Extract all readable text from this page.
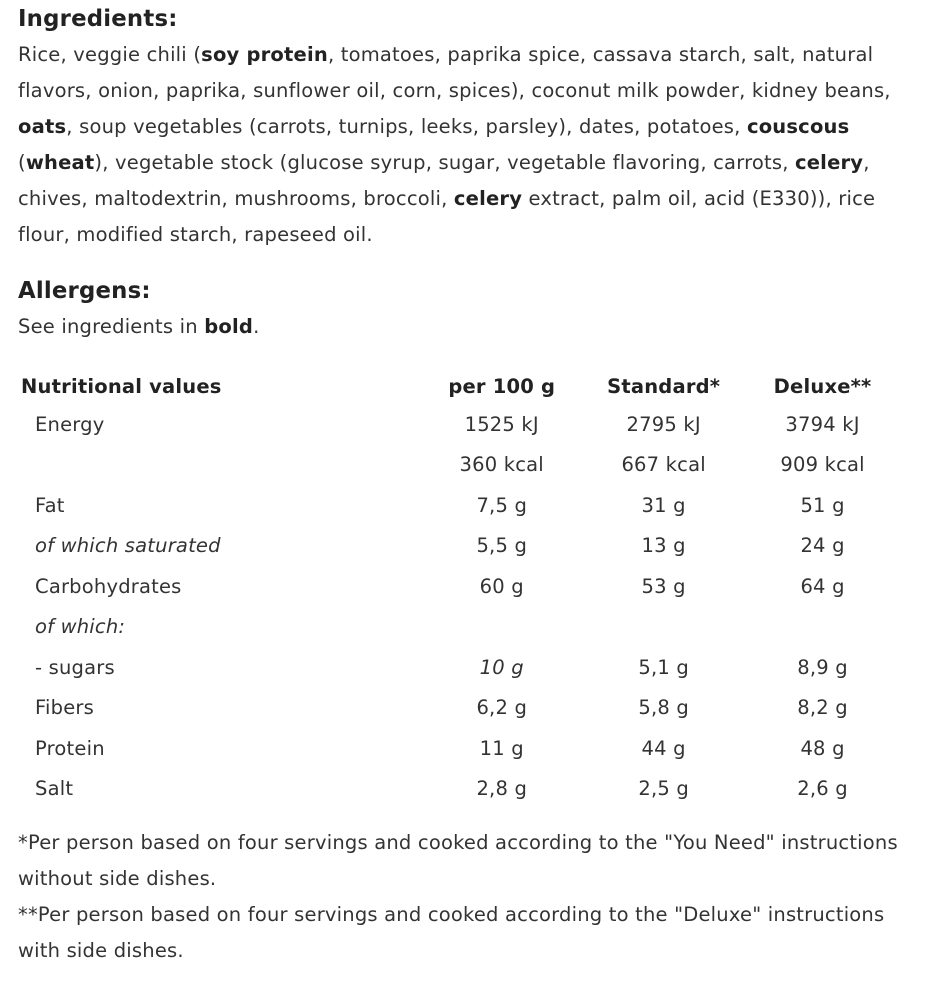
Ingredients:

Rice, veggie chili (soy protein, tomatoes, paprika spice, cassava starch, salt, natural flavors, onion, paprika, sunflower oil, corn, spices), coconut milk powder, kidney beans, oats, soup vegetables (carrots, turnips, leeks, parsley), dates, potatoes, couscous (wheat), vegetable stock (glucose syrup, sugar, vegetable flavoring, carrots, celery, chives, maltodextrin, mushrooms, broccoli, celery extract, palm oil, acid (E330)), rice flour, modified starch, rapeseed oil.

Allergens:

See ingredients in bold.

Nutritional values	per 100 g	Standard*	Deluxe**
Energy	1525 kJ	2795 kJ	3794 kJ
	360 kcal	667 kcal	909 kcal
Fat	7,5 g	31 g	51 g
of which saturated	5,5 g	13 g	24 g
Carbohydrates	60 g	53 g	64 g
of which:			
- sugars	10 g	5,1 g	8,9 g
Fibers	6,2 g	5,8 g	8,2 g
Protein	11 g	44 g	48 g
Salt	2,8 g	2,5 g	2,6 g

*Per person based on four servings and cooked according to the "You Need" instructions without side dishes.

**Per person based on four servings and cooked according to the "Deluxe" instructions with side dishes.
